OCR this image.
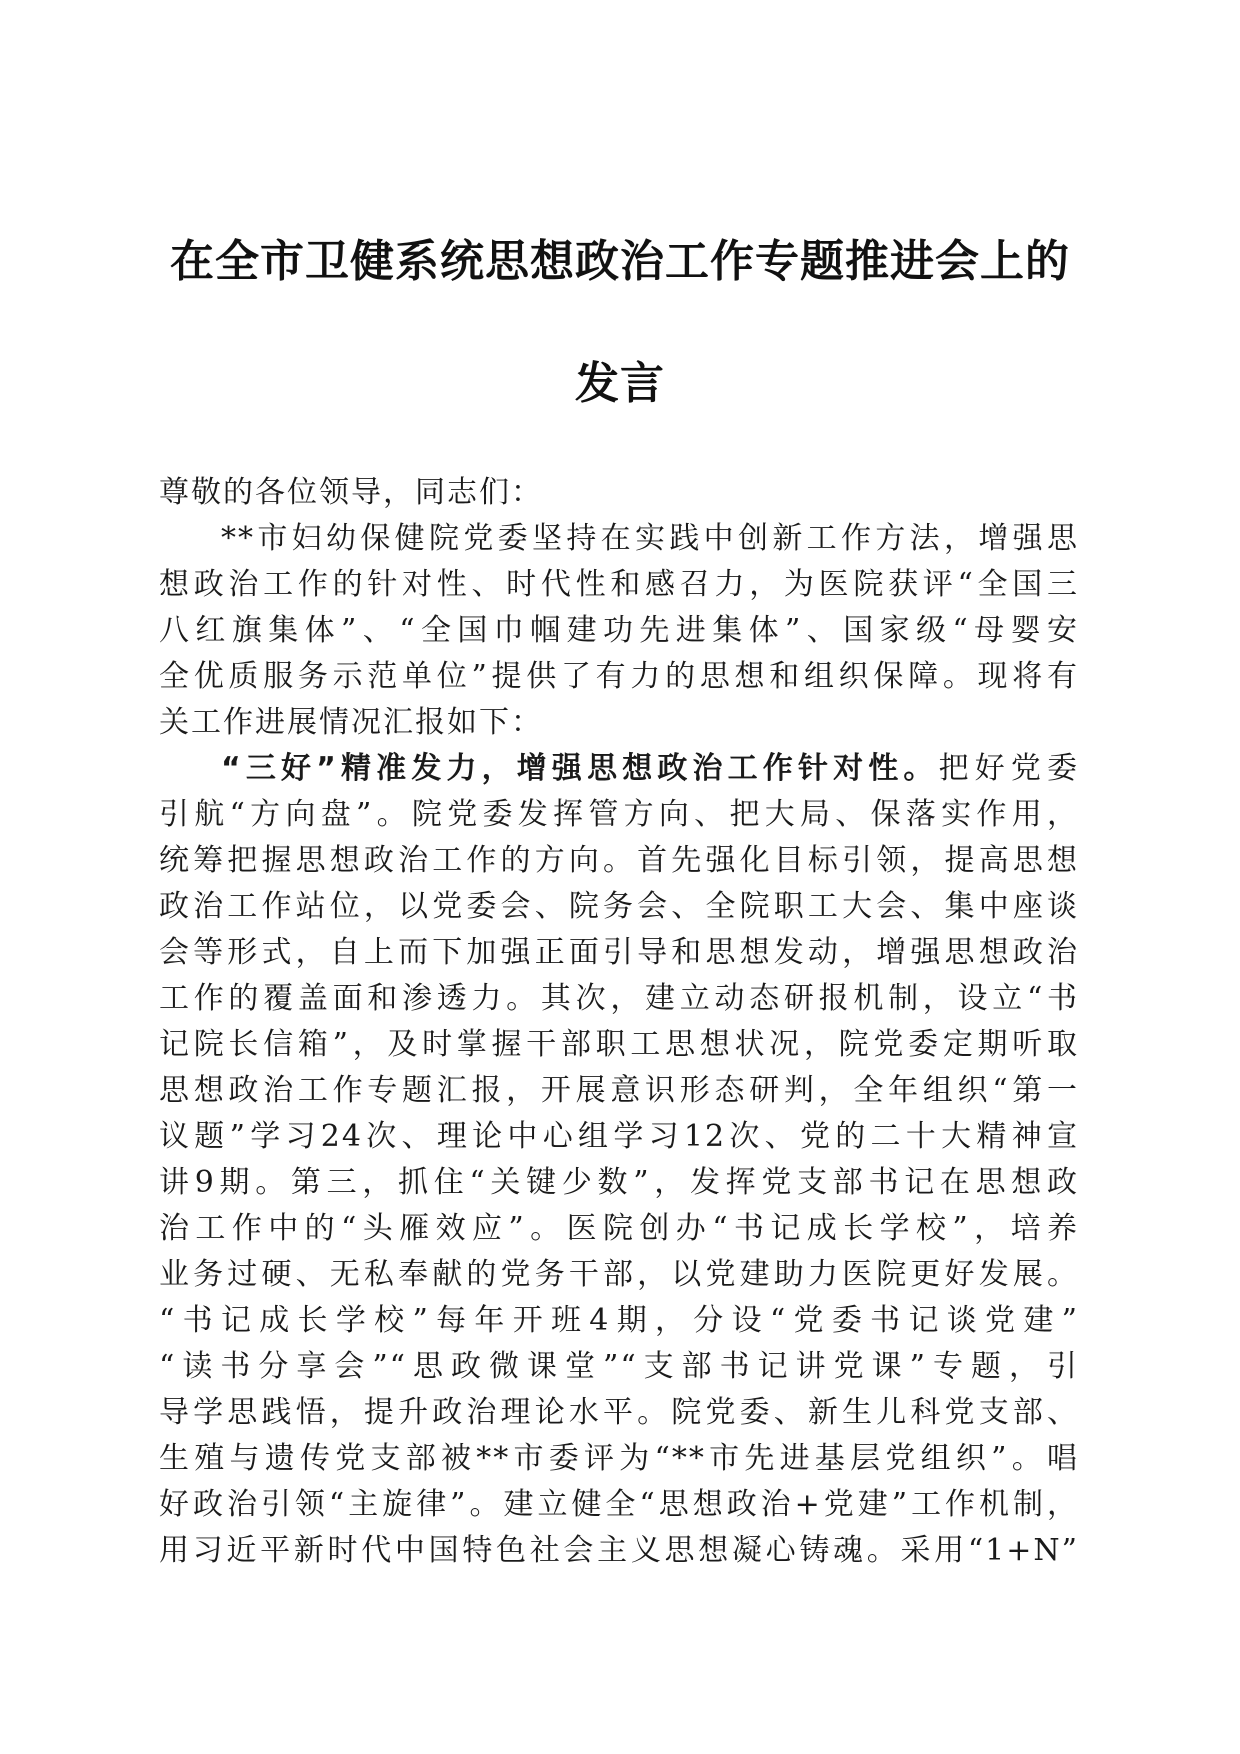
在全市卫健系统思想政治工作专题推进会上的
发言
尊敬的各位领导，同志们：
**市妇幼保健院党委坚持在实践中创新工作方法，增强思
想政治工作的针对性、时代性和感召力，为医院获评“全国三
八红旗集体”、“全国巾帼建功先进集体”、国家级“母婴安
全优质服务示范单位”提供了有力的思想和组织保障。现将有
关工作进展情况汇报如下：
“三好”精准发力，增强思想政治工作针对性。把好党委
引航“方向盘”。院党委发挥管方向、把大局、保落实作用，
统筹把握思想政治工作的方向。首先强化目标引领，提高思想
政治工作站位，以党委会、院务会、全院职工大会、集中座谈
会等形式，自上而下加强正面引导和思想发动，增强思想政治
工作的覆盖面和渗透力。其次，建立动态研报机制，设立“书
记院长信箱”，及时掌握干部职工思想状况，院党委定期听取
思想政治工作专题汇报，开展意识形态研判，全年组织“第一
议题”学习24次、理论中心组学习12次、党的二十大精神宣
讲9期。第三，抓住“关键少数”，发挥党支部书记在思想政
治工作中的“头雁效应”。医院创办“书记成长学校”，培养
业务过硬、无私奉献的党务干部，以党建助力医院更好发展。
“书记成长学校”每年开班4期，分设“党委书记谈党建”
“读书分享会”“思政微课堂”“支部书记讲党课”专题，引
导学思践悟，提升政治理论水平。院党委、新生儿科党支部、
生殖与遗传党支部被**市委评为“**市先进基层党组织”。唱
好政治引领“主旋律”。建立健全“思想政治+党建”工作机制，
用习近平新时代中国特色社会主义思想凝心铸魂。采用“1+N”
